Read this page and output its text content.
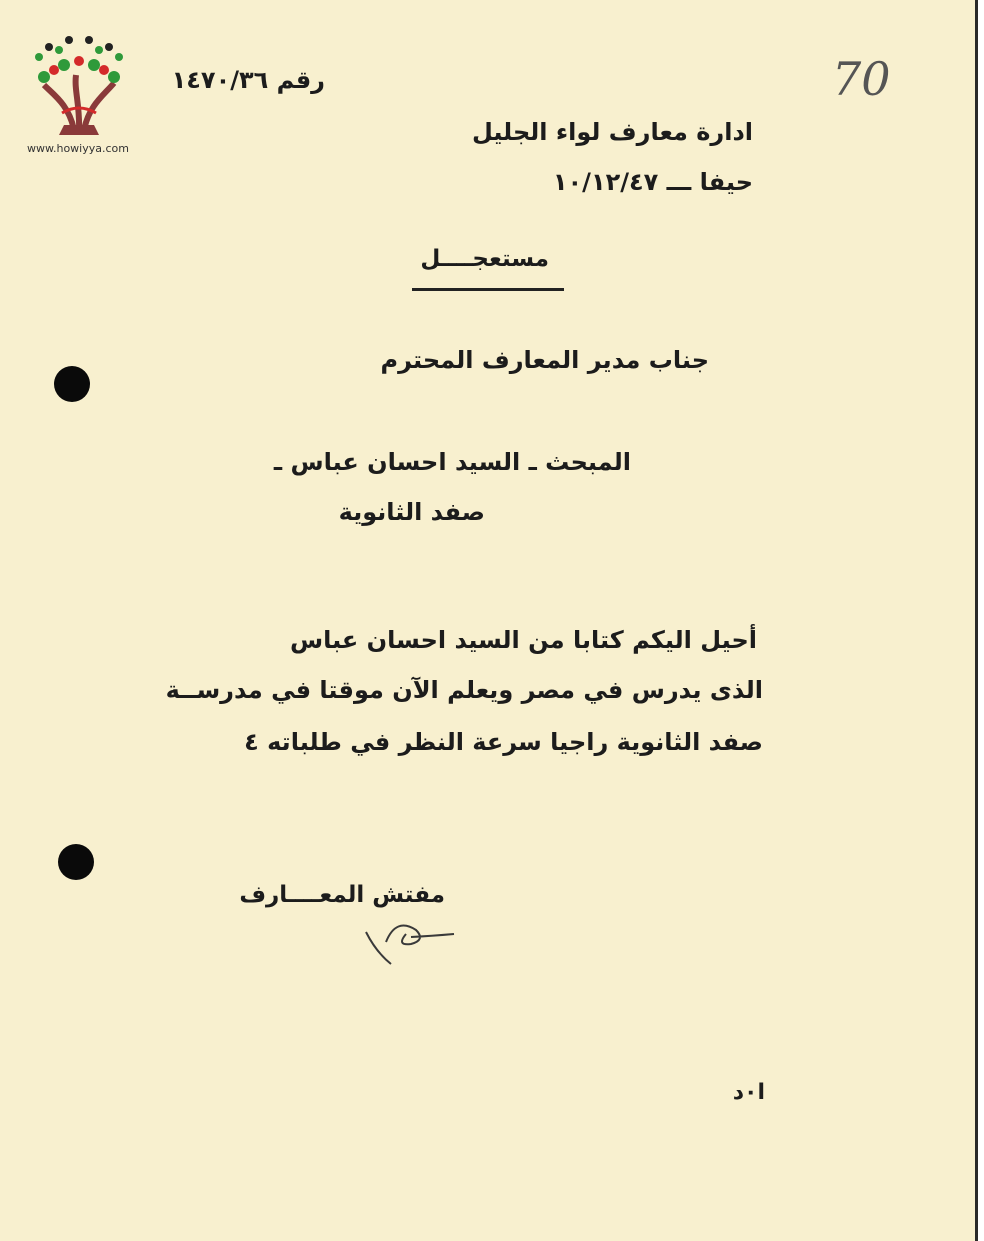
www.howiyya.com
70
رقم ١٤٧٠/٣٦
ادارة معارف لواء الجليل
حيفا ـــ ١٠/١٢/٤٧
مستعجــــل
جناب مدير المعارف المحترم
المبحث ـ السيد احسان عباس ـ
صفد الثانوية
أحيل اليكم كتابا من السيد احسان عباس
الذى يدرس في مصر ويعلم الآن موقتا في مدرســة
صفد الثانوية راجيا سرعة النظر في طلباته ٤
مفتش المعــــارف
ا٠د
